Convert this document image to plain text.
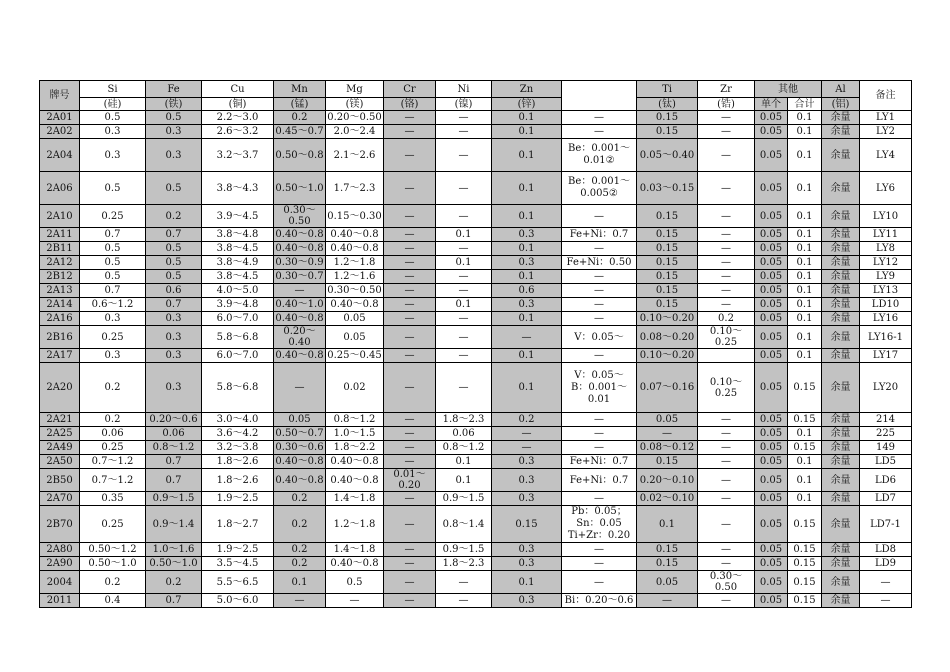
牌号	Si	Fe	Cu	Mn	Mg	Cr	Ni	Zn		Ti	Zr	其他		Al	备注
	(硅)	(铁)	(铜)	(锰)	(镁)	(铬)	(镍)	(锌)		(钛)	(锆)	单个	合计	(铝)	
2A01	0.5	0.5	2.2～3.0	0.2	0.20～0.50	—	—	0.1	—	0.15	—	0.05	0.1	余量	LY1
2A02	0.3	0.3	2.6～3.2	0.45～0.7	2.0～2.4	—	—	0.1	—	0.15	—	0.05	0.1	余量	LY2
2A04	0.3	0.3	3.2～3.7	0.50～0.8	2.1～2.6	—	—	0.1	Be：0.001～
0.01②	0.05～0.40	—	0.05	0.1	余量	LY4
2A06	0.5	0.5	3.8～4.3	0.50～1.0	1.7～2.3	—	—	0.1	Be：0.001～
0.005②	0.03～0.15	—	0.05	0.1	余量	LY6
2A10	0.25	0.2	3.9～4.5	0.30～0.50	0.15～0.30	—	—	0.1	—	0.15	—	0.05	0.1	余量	LY10
2A11	0.7	0.7	3.8～4.8	0.40～0.8	0.40～0.8	—	0.1	0.3	Fe+Ni：0.7	0.15	—	0.05	0.1	余量	LY11
2B11	0.5	0.5	3.8～4.5	0.40～0.8	0.40～0.8	—	—	0.1	—	0.15	—	0.05	0.1	余量	LY8
2A12	0.5	0.5	3.8～4.9	0.30～0.9	1.2～1.8	—	0.1	0.3	Fe+Ni：0.50	0.15	—	0.05	0.1	余量	LY12
2B12	0.5	0.5	3.8～4.5	0.30～0.7	1.2～1.6	—	—	0.1	—	0.15	—	0.05	0.1	余量	LY9
2A13	0.7	0.6	4.0～5.0	—	0.30～0.50	—	—	0.6	—	0.15	—	0.05	0.1	余量	LY13
2A14	0.6～1.2	0.7	3.9～4.8	0.40～1.0	0.40～0.8	—	0.1	0.3	—	0.15	—	0.05	0.1	余量	LD10
2A16	0.3	0.3	6.0～7.0	0.40～0.8	0.05	—	—	0.1	—	0.10～0.20	0.2	0.05	0.1	余量	LY16
2B16	0.25	0.3	5.8～6.8	0.20～0.40	0.05	—	—	—	V：0.05～	0.08～0.20	0.10～0.25	0.05	0.1	余量	LY16-1
2A17	0.3	0.3	6.0～7.0	0.40～0.8	0.25～0.45	—	—	0.1	—	0.10～0.20		0.05	0.1	余量	LY17
2A20	0.2	0.3	5.8～6.8	—	0.02	—	—	0.1	V：0.05～
B：0.001～
0.01	0.07～0.16	0.10～0.25	0.05	0.15	余量	LY20
2A21	0.2	0.20～0.6	3.0～4.0	0.05	0.8～1.2	—	1.8～2.3	0.2	—	0.05	—	0.05	0.15	余量	214
2A25	0.06	0.06	3.6～4.2	0.50～0.7	1.0～1.5	—	0.06	—	—	—	—	0.05	0.1	余量	225
2A49	0.25	0.8～1.2	3.2～3.8	0.30～0.6	1.8～2.2	—	0.8～1.2	—	—	0.08～0.12	—	0.05	0.15	余量	149
2A50	0.7～1.2	0.7	1.8～2.6	0.40～0.8	0.40～0.8	—	0.1	0.3	Fe+Ni：0.7	0.15	—	0.05	0.1	余量	LD5
2B50	0.7～1.2	0.7	1.8～2.6	0.40～0.8	0.40～0.8	0.01～0.20	0.1	0.3	Fe+Ni：0.7	0.20～0.10	—	0.05	0.1	余量	LD6
2A70	0.35	0.9～1.5	1.9～2.5	0.2	1.4～1.8	—	0.9～1.5	0.3	—	0.02～0.10	—	0.05	0.1	余量	LD7
2B70	0.25	0.9～1.4	1.8～2.7	0.2	1.2～1.8	—	0.8～1.4	0.15	Pb：0.05；
Sn：0.05
Ti+Zr：0.20	0.1	—	0.05	0.15	余量	LD7-1
2A80	0.50～1.2	1.0～1.6	1.9～2.5	0.2	1.4～1.8	—	0.9～1.5	0.3	—	0.15	—	0.05	0.15	余量	LD8
2A90	0.50～1.0	0.50～1.0	3.5～4.5	0.2	0.40～0.8	—	1.8～2.3	0.3	—	0.15	—	0.05	0.15	余量	LD9
2004	0.2	0.2	5.5～6.5	0.1	0.5	—	—	0.1	—	0.05	0.30～0.50	0.05	0.15	余量	—
2011	0.4	0.7	5.0～6.0	—	—	—	—	0.3	Bi：0.20～0.6	—	—	0.05	0.15	余量	—
